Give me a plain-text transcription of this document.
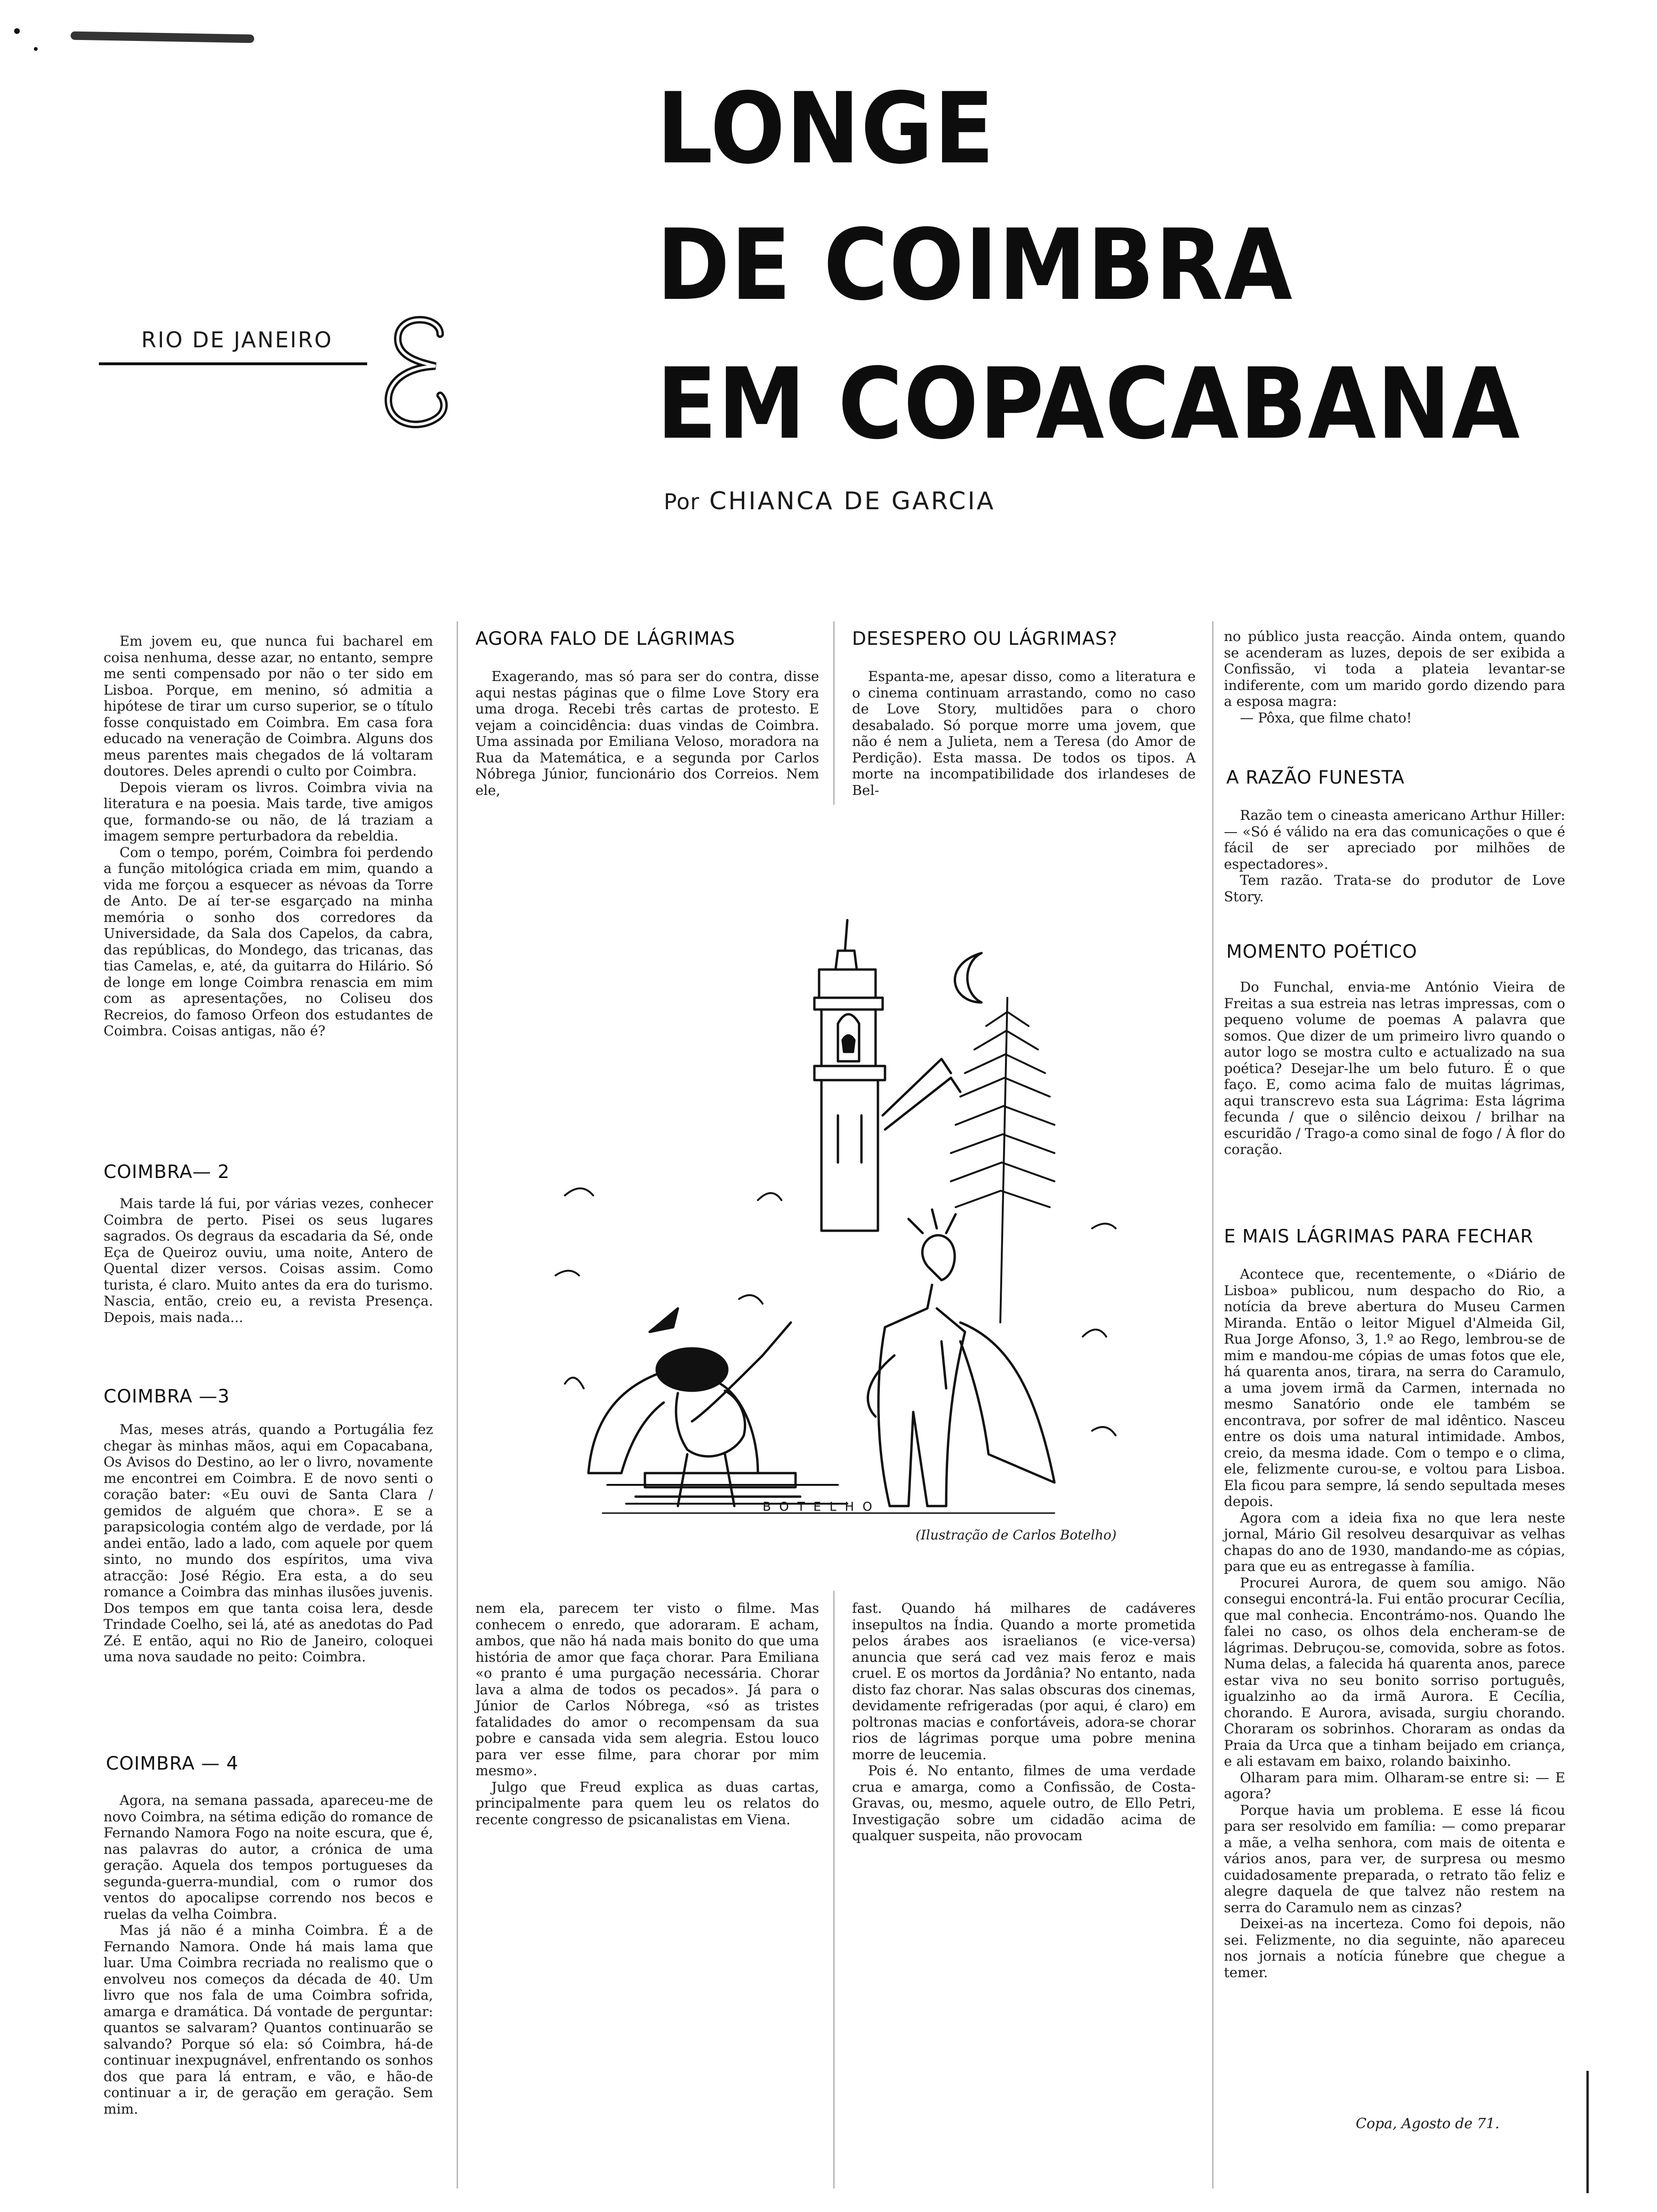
LONGE
DE COIMBRA
EM COPACABANA
RIO DE JANEIRO
Por CHIANCA DE GARCIA

Em jovem eu, que nunca fui bacharel em coisa nenhuma, desse azar, no entanto, sempre me senti compensado por não o ter sido em Lisboa. Porque, em menino, só admitia a hipótese de tirar um curso superior, se o título fosse conquistado em Coimbra. Em casa fora educado na veneração de Coimbra. Alguns dos meus parentes mais chegados de lá voltaram doutores. Deles aprendi o culto por Coimbra.

Depois vieram os livros. Coimbra vivia na literatura e na poesia. Mais tarde, tive amigos que, formando-se ou não, de lá traziam a imagem sempre perturbadora da rebeldia.

Com o tempo, porém, Coimbra foi perdendo a função mitológica criada em mim, quando a vida me forçou a esquecer as névoas da Torre de Anto. De aí ter-se esgarçado na minha memória o sonho dos corredores da Universidade, da Sala dos Capelos, da cabra, das repúblicas, do Mondego, das tricanas, das tias Camelas, e, até, da guitarra do Hilário. Só de longe em longe Coimbra renascia em mim com as apresentações, no Coliseu dos Recreios, do famoso Orfeon dos estudantes de Coimbra. Coisas antigas, não é?

COIMBRA— 2

Mais tarde lá fui, por várias vezes, conhecer Coimbra de perto. Pisei os seus lugares sagrados. Os degraus da escadaria da Sé, onde Eça de Queiroz ouviu, uma noite, Antero de Quental dizer versos. Coisas assim. Como turista, é claro. Muito antes da era do turismo. Nascia, então, creio eu, a revista Presença. Depois, mais nada...

COIMBRA —3

Mas, meses atrás, quando a Portugália fez chegar às minhas mãos, aqui em Copacabana, Os Avisos do Destino, ao ler o livro, novamente me encontrei em Coimbra. E de novo senti o coração bater: «Eu ouvi de Santa Clara / gemidos de alguém que chora». E se a parapsicologia contém algo de verdade, por lá andei então, lado a lado, com aquele por quem sinto, no mundo dos espíritos, uma viva atracção: José Régio. Era esta, a do seu romance a Coimbra das minhas ilusões juvenis. Dos tempos em que tanta coisa lera, desde Trindade Coelho, sei lá, até as anedotas do Pad Zé. E então, aqui no Rio de Janeiro, coloquei uma nova saudade no peito: Coimbra.

COIMBRA — 4

Agora, na semana passada, apareceu-me de novo Coimbra, na sétima edição do romance de Fernando Namora Fogo na noite escura, que é, nas palavras do autor, a crónica de uma geração. Aquela dos tempos portugueses da segunda-guerra-mundial, com o rumor dos ventos do apocalipse correndo nos becos e ruelas da velha Coimbra.

Mas já não é a minha Coimbra. É a de Fernando Namora. Onde há mais lama que luar. Uma Coimbra recriada no realismo que o envolveu nos começos da década de 40. Um livro que nos fala de uma Coimbra sofrida, amarga e dramática. Dá vontade de perguntar: quantos se salvaram? Quantos continuarão se salvando? Porque só ela: só Coimbra, há-de continuar inexpugnável, enfrentando os sonhos dos que para lá entram, e vão, e hão-de continuar a ir, de geração em geração. Sem mim.

AGORA FALO DE LÁGRIMAS

Exagerando, mas só para ser do contra, disse aqui nestas páginas que o filme Love Story era uma droga. Recebi três cartas de protesto. E vejam a coincidência: duas vindas de Coimbra. Uma assinada por Emiliana Veloso, moradora na Rua da Matemática, e a segunda por Carlos Nóbrega Júnior, funcionário dos Correios. Nem ele,

nem ela, parecem ter visto o filme. Mas conhecem o enredo, que adoraram. E acham, ambos, que não há nada mais bonito do que uma história de amor que faça chorar. Para Emiliana «o pranto é uma purgação necessária. Chorar lava a alma de todos os pecados». Já para o Júnior de Carlos Nóbrega, «só as tristes fatalidades do amor o recompensam da sua pobre e cansada vida sem alegria. Estou louco para ver esse filme, para chorar por mim mesmo».

Julgo que Freud explica as duas cartas, principalmente para quem leu os relatos do recente congresso de psicanalistas em Viena.

DESESPERO OU LÁGRIMAS?

Espanta-me, apesar disso, como a literatura e o cinema continuam arrastando, como no caso de Love Story, multidões para o choro desabalado. Só porque morre uma jovem, que não é nem a Julieta, nem a Teresa (do Amor de Perdição). Esta massa. De todos os tipos. A morte na incompatibilidade dos irlandeses de Bel-

fast. Quando há milhares de cadáveres insepultos na Índia. Quando a morte prometida pelos árabes aos israelianos (e vice-versa) anuncia que será cad vez mais feroz e mais cruel. E os mortos da Jordânia? No entanto, nada disto faz chorar. Nas salas obscuras dos cinemas, devidamente refrigeradas (por aqui, é claro) em poltronas macias e confortáveis, adora-se chorar rios de lágrimas porque uma pobre menina morre de leucemia.

Pois é. No entanto, filmes de uma verdade crua e amarga, como a Confissão, de Costa-Gravas, ou, mesmo, aquele outro, de Ello Petri, Investigação sobre um cidadão acima de qualquer suspeita, não provocam

BOTELHO
(Ilustração de Carlos Botelho)

no público justa reacção. Ainda ontem, quando se acenderam as luzes, depois de ser exibida a Confissão, vi toda a plateia levantar-se indiferente, com um marido gordo dizendo para a esposa magra:

— Pôxa, que filme chato!

A RAZÃO FUNESTA

Razão tem o cineasta americano Arthur Hiller: — «Só é válido na era das comunicações o que é fácil de ser apreciado por milhões de espectadores».

Tem razão. Trata-se do produtor de Love Story.

MOMENTO POÉTICO

Do Funchal, envia-me António Vieira de Freitas a sua estreia nas letras impressas, com o pequeno volume de poemas A palavra que somos. Que dizer de um primeiro livro quando o autor logo se mostra culto e actualizado na sua poética? Desejar-lhe um belo futuro. É o que faço. E, como acima falo de muitas lágrimas, aqui transcrevo esta sua Lágrima: Esta lágrima fecunda / que o silêncio deixou / brilhar na escuridão / Trago-a como sinal de fogo / À flor do coração.

E MAIS LÁGRIMAS PARA FECHAR

Acontece que, recentemente, o «Diário de Lisboa» publicou, num despacho do Rio, a notícia da breve abertura do Museu Carmen Miranda. Então o leitor Miguel d'Almeida Gil, Rua Jorge Afonso, 3, 1.º ao Rego, lembrou-se de mim e mandou-me cópias de umas fotos que ele, há quarenta anos, tirara, na serra do Caramulo, a uma jovem irmã da Carmen, internada no mesmo Sanatório onde ele também se encontrava, por sofrer de mal idêntico. Nasceu entre os dois uma natural intimidade. Ambos, creio, da mesma idade. Com o tempo e o clima, ele, felizmente curou-se, e voltou para Lisboa. Ela ficou para sempre, lá sendo sepultada meses depois.

Agora com a ideia fixa no que lera neste jornal, Mário Gil resolveu desarquivar as velhas chapas do ano de 1930, mandando-me as cópias, para que eu as entregasse à família.

Procurei Aurora, de quem sou amigo. Não consegui encontrá-la. Fui então procurar Cecília, que mal conhecia. Encontrámo-nos. Quando lhe falei no caso, os olhos dela encheram-se de lágrimas. Debruçou-se, comovida, sobre as fotos. Numa delas, a falecida há quarenta anos, parece estar viva no seu bonito sorriso português, igualzinho ao da irmã Aurora. E Cecília, chorando. E Aurora, avisada, surgiu chorando. Choraram os sobrinhos. Choraram as ondas da Praia da Urca que a tinham beijado em criança, e ali estavam em baixo, rolando baixinho.

Olharam para mim. Olharam-se entre si: — E agora?

Porque havia um problema. E esse lá ficou para ser resolvido em família: — como preparar a mãe, a velha senhora, com mais de oitenta e vários anos, para ver, de surpresa ou mesmo cuidadosamente preparada, o retrato tão feliz e alegre daquela de que talvez não restem na serra do Caramulo nem as cinzas?

Deixei-as na incerteza. Como foi depois, não sei. Felizmente, no dia seguinte, não apareceu nos jornais a notícia fúnebre que chegue a temer.

Copa, Agosto de 71.
